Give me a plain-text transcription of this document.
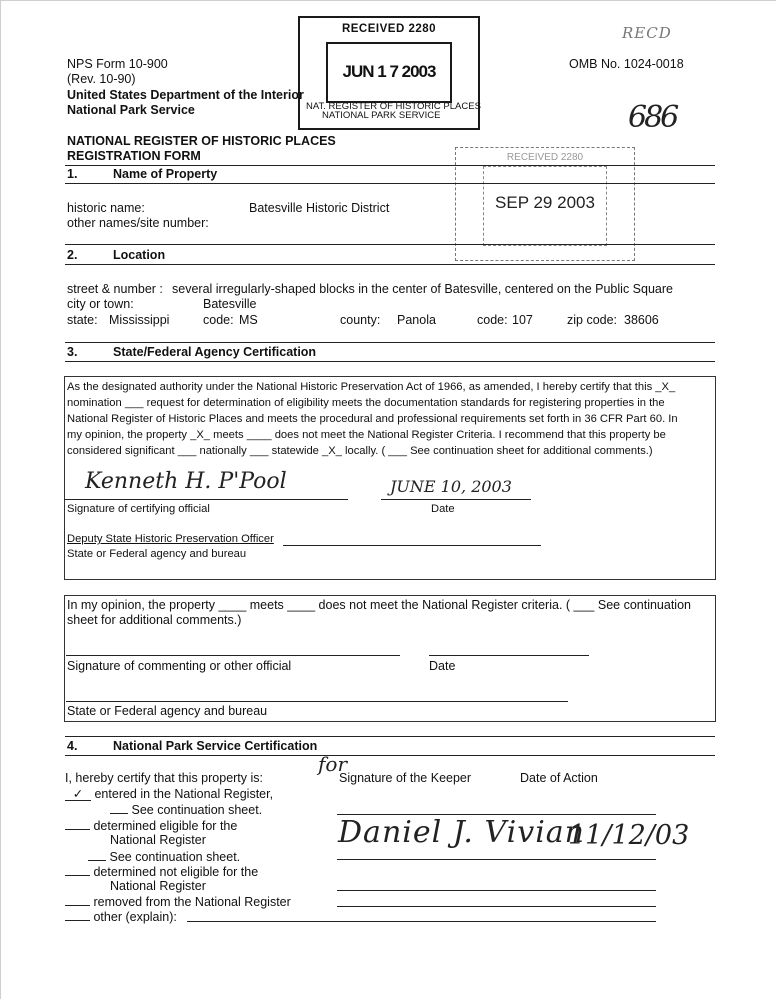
NPS Form 10-900
(Rev. 10-90)
United States Department of the Interior
National Park Service
OMB No. 1024-0018
RECD
686
RECEIVED 2280
JUN 1 7 2003
NAT. REGISTER OF HISTORIC PLACES
NATIONAL PARK SERVICE
RECEIVED 2280
SEP 29 2003
NATIONAL REGISTER OF HISTORIC PLACES
REGISTRATION FORM
1.	Name of Property
historic name:	Batesville Historic District
other names/site number:
2.	Location
street & number : several irregularly-shaped blocks in the center of Batesville, centered on the Public Square
city or town:	Batesville
state: Mississippi	code: MS	county: Panola	code: 107	zip code: 38606
3.	State/Federal Agency Certification
As the designated authority under the National Historic Preservation Act of 1966, as amended, I hereby certify that this _X_
nomination ___ request for determination of eligibility meets the documentation standards for registering properties in the
National Register of Historic Places and meets the procedural and professional requirements set forth in 36 CFR Part 60. In
my opinion, the property _X_ meets ____ does not meet the National Register Criteria. I recommend that this property be
considered significant ___ nationally ___ statewide _X_ locally. ( ___ See continuation sheet for additional comments.)
Kenneth H. P'Pool	JUNE 10, 2003
Signature of certifying official	Date
Deputy State Historic Preservation Officer
State or Federal agency and bureau
In my opinion, the property ____ meets ____ does not meet the National Register criteria. ( ___ See continuation
sheet for additional comments.)
Signature of commenting or other official	Date
State or Federal agency and bureau
4.	National Park Service Certification
I, hereby certify that this property is:
✓ entered in the National Register,
See continuation sheet.
determined eligible for the
National Register
See continuation sheet.
determined not eligible for the
National Register
removed from the National Register
other (explain):
for
Signature of the Keeper	Date of Action
Daniel J. Vivian
11/12/03
